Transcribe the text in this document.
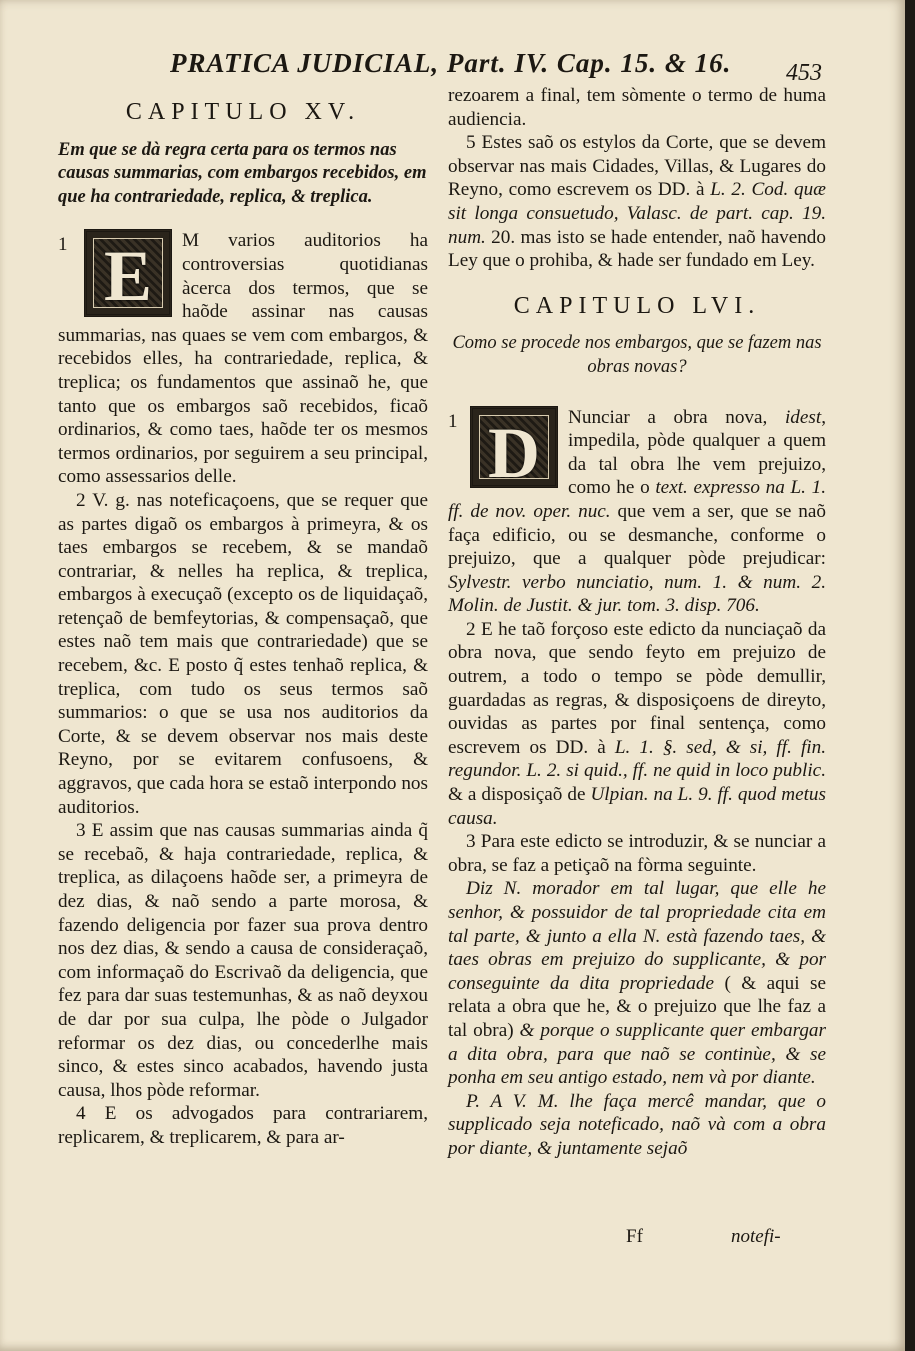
PRATICA JUDICIAL, Part. IV. Cap. 15. & 16. 453
CAPITULO XV.

Em que se dà regra certa para os termos nas causas summarias, com embargos recebidos, em que ha contrariedade, replica, & treplica.

1 E	M varios auditorios ha controversias quotidianas àcerca dos termos, que se haõde assinar nas causas summarias, nas quaes se vem com embargos, & recebidos elles, ha contrariedade, replica, & treplica; os fundamentos que assinaõ he, que tanto que os embargos saõ recebidos, ficaõ ordinarios, & como taes, haõde ter os mesmos termos ordinarios, por seguirem a seu principal, como assessarios delle.

2 V. g. nas noteficaçoens, que se requer que as partes digaõ os embargos à primeyra, & os taes embargos se recebem, & se mandaõ contrariar, & nelles ha replica, & treplica, embargos à execuçaõ (excepto os de liquidaçaõ, retençaõ de bemfeytorias, & compensaçaõ, que estes naõ tem mais que contrariedade) que se recebem, &c. E posto q̃ estes tenhaõ replica, & treplica, com tudo os seus termos saõ summarios: o que se usa nos auditorios da Corte, & se devem observar nos mais deste Reyno, por se evitarem confusoens, & aggravos, que cada hora se estaõ interpondo nos auditorios.

3 E assim que nas causas summarias ainda q̃ se recebaõ, & haja contrariedade, replica, & treplica, as dilaçoens haõde ser, a primeyra de dez dias, & naõ sendo a parte morosa, & fazendo deligencia por fazer sua prova dentro nos dez dias, & sendo a causa de consideraçaõ, com informaçaõ do Escrivaõ da deligencia, que fez para dar suas testemunhas, & as naõ deyxou de dar por sua culpa, lhe pòde o Julgador reformar os dez dias, ou concederlhe mais sinco, & estes sinco acabados, havendo justa causa, lhos pòde reformar.

4 E os advogados para contrariarem, replicarem, & treplicarem, & para ar-

rezoarem a final, tem sòmente o termo de huma audiencia.

5 Estes saõ os estylos da Corte, que se devem observar nas mais Cidades, Villas, & Lugares do Reyno, como escrevem os DD. à L. 2. Cod. quæ sit longa consuetudo, Valasc. de part. cap. 19. num. 20. mas isto se hade entender, naõ havendo Ley que o prohiba, & hade ser fundado em Ley.

CAPITULO LVI.

Como se procede nos embargos, que se fazem nas obras novas?

1 D	Nunciar a obra nova, idest, impedila, pòde qualquer a quem da tal obra lhe vem prejuizo, como he o text. expresso na L. 1. ff. de nov. oper. nuc. que vem a ser, que se naõ faça edificio, ou se desmanche, conforme o prejuizo, que a qualquer pòde prejudicar: Sylvestr. verbo nunciatio, num. 1. & num. 2. Molin. de Justit. & jur. tom. 3. disp. 706.

2 E he taõ forçoso este edicto da nunciaçaõ da obra nova, que sendo feyto em prejuizo de outrem, a todo o tempo se pòde demullir, guardadas as regras, & disposiçoens de direyto, ouvidas as partes por final sentença, como escrevem os DD. à L. 1. §. sed, & si, ff. fin. regundor. L. 2. si quid., ff. ne quid in loco public. & a disposiçaõ de Ulpian. na L. 9. ff. quod metus causa.

3 Para este edicto se introduzir, & se nunciar a obra, se faz a petiçaõ na fòrma seguinte.

Diz N. morador em tal lugar, que elle he senhor, & possuidor de tal propriedade cita em tal parte, & junto a ella N. està fazendo taes, & taes obras em prejuizo do supplicante, & por conseguinte da dita propriedade ( & aqui se relata a obra que he, & o prejuizo que lhe faz a tal obra) & porque o supplicante quer embargar a dita obra, para que naõ se continùe, & se ponha em seu antigo estado, nem và por diante.

P. A V. M. lhe faça mercê mandar, que o supplicado seja noteficado, naõ và com a obra por diante, & juntamente sejaõ

Ff	notefi-
